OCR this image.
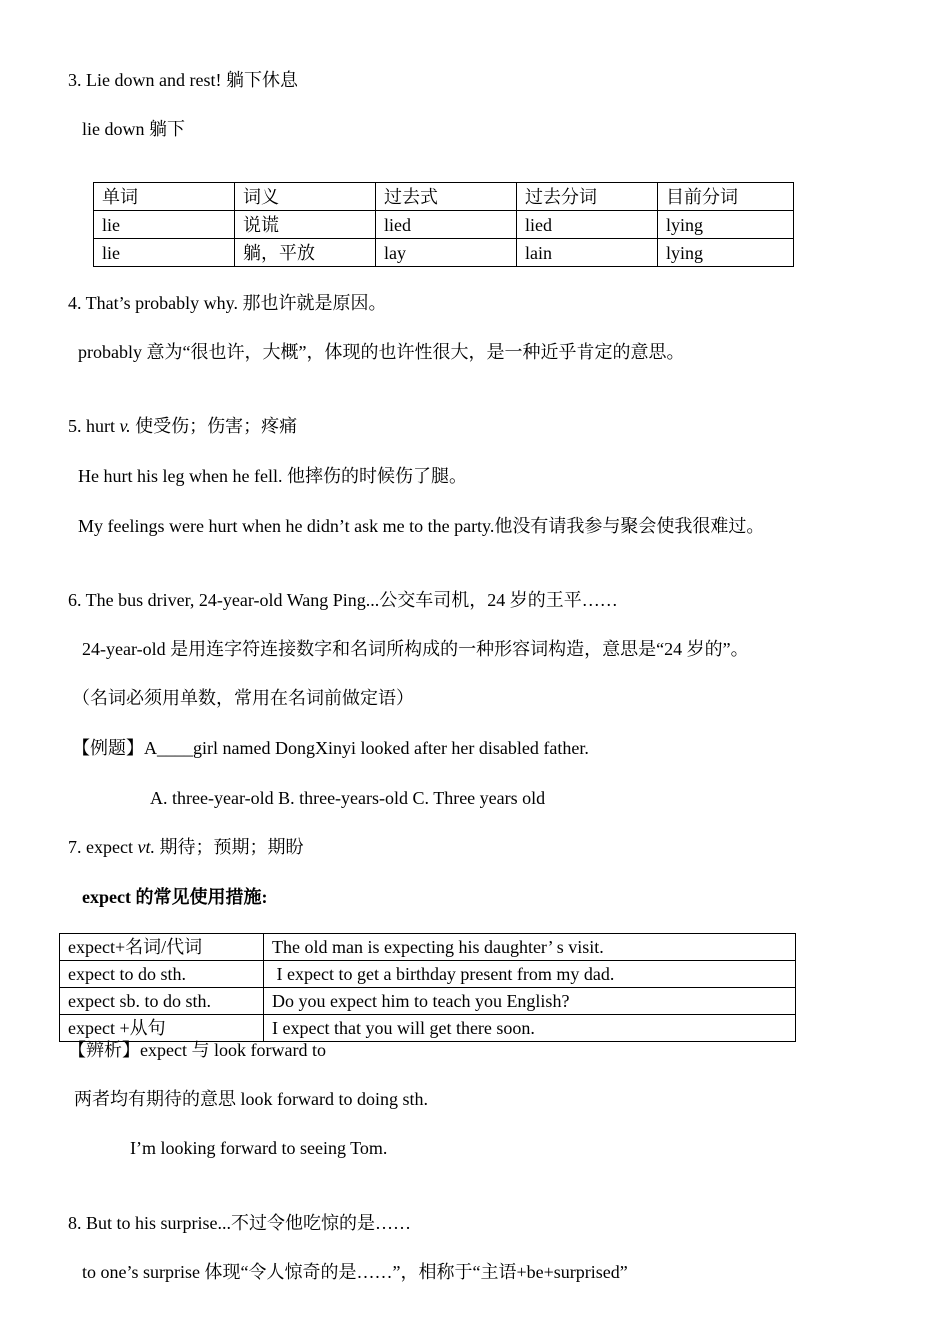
3. Lie down and rest! 躺下休息
lie down 躺下
单词	词义	过去式	过去分词	目前分词
lie	说谎	lied	lied	lying
lie	躺，平放	lay	lain	lying
4. That’s probably why. 那也许就是原因。
probably 意为“很也许，大概”，体现的也许性很大，是一种近乎肯定的意思。
5. hurt v. 使受伤；伤害；疼痛
He hurt his leg when he fell. 他摔伤的时候伤了腿。
My feelings were hurt when he didn’t ask me to the party.他没有请我参与聚会使我很难过。
6. The bus driver, 24-year-old Wang Ping...公交车司机，24 岁的王平……
24-year-old 是用连字符连接数字和名词所构成的一种形容词构造，意思是“24 岁的”。
（名词必须用单数，常用在名词前做定语）
【例题】A____girl named DongXinyi looked after her disabled father.
A. three-year-old B. three-years-old C. Three years old
7. expect vt. 期待；预期；期盼
expect 的常见使用措施:
expect+名词/代词	The old man is expecting his daughter’ s visit.
expect to do sth.	I expect to get a birthday present from my dad.
expect sb. to do sth.	Do you expect him to teach you English?
expect +从句	I expect that you will get there soon.
【辨析】expect 与 look forward to
两者均有期待的意思 look forward to doing sth.
I’m looking forward to seeing Tom.
8. But to his surprise...不过令他吃惊的是……
to one’s surprise 体现“令人惊奇的是……”，相称于“主语+be+surprised”
